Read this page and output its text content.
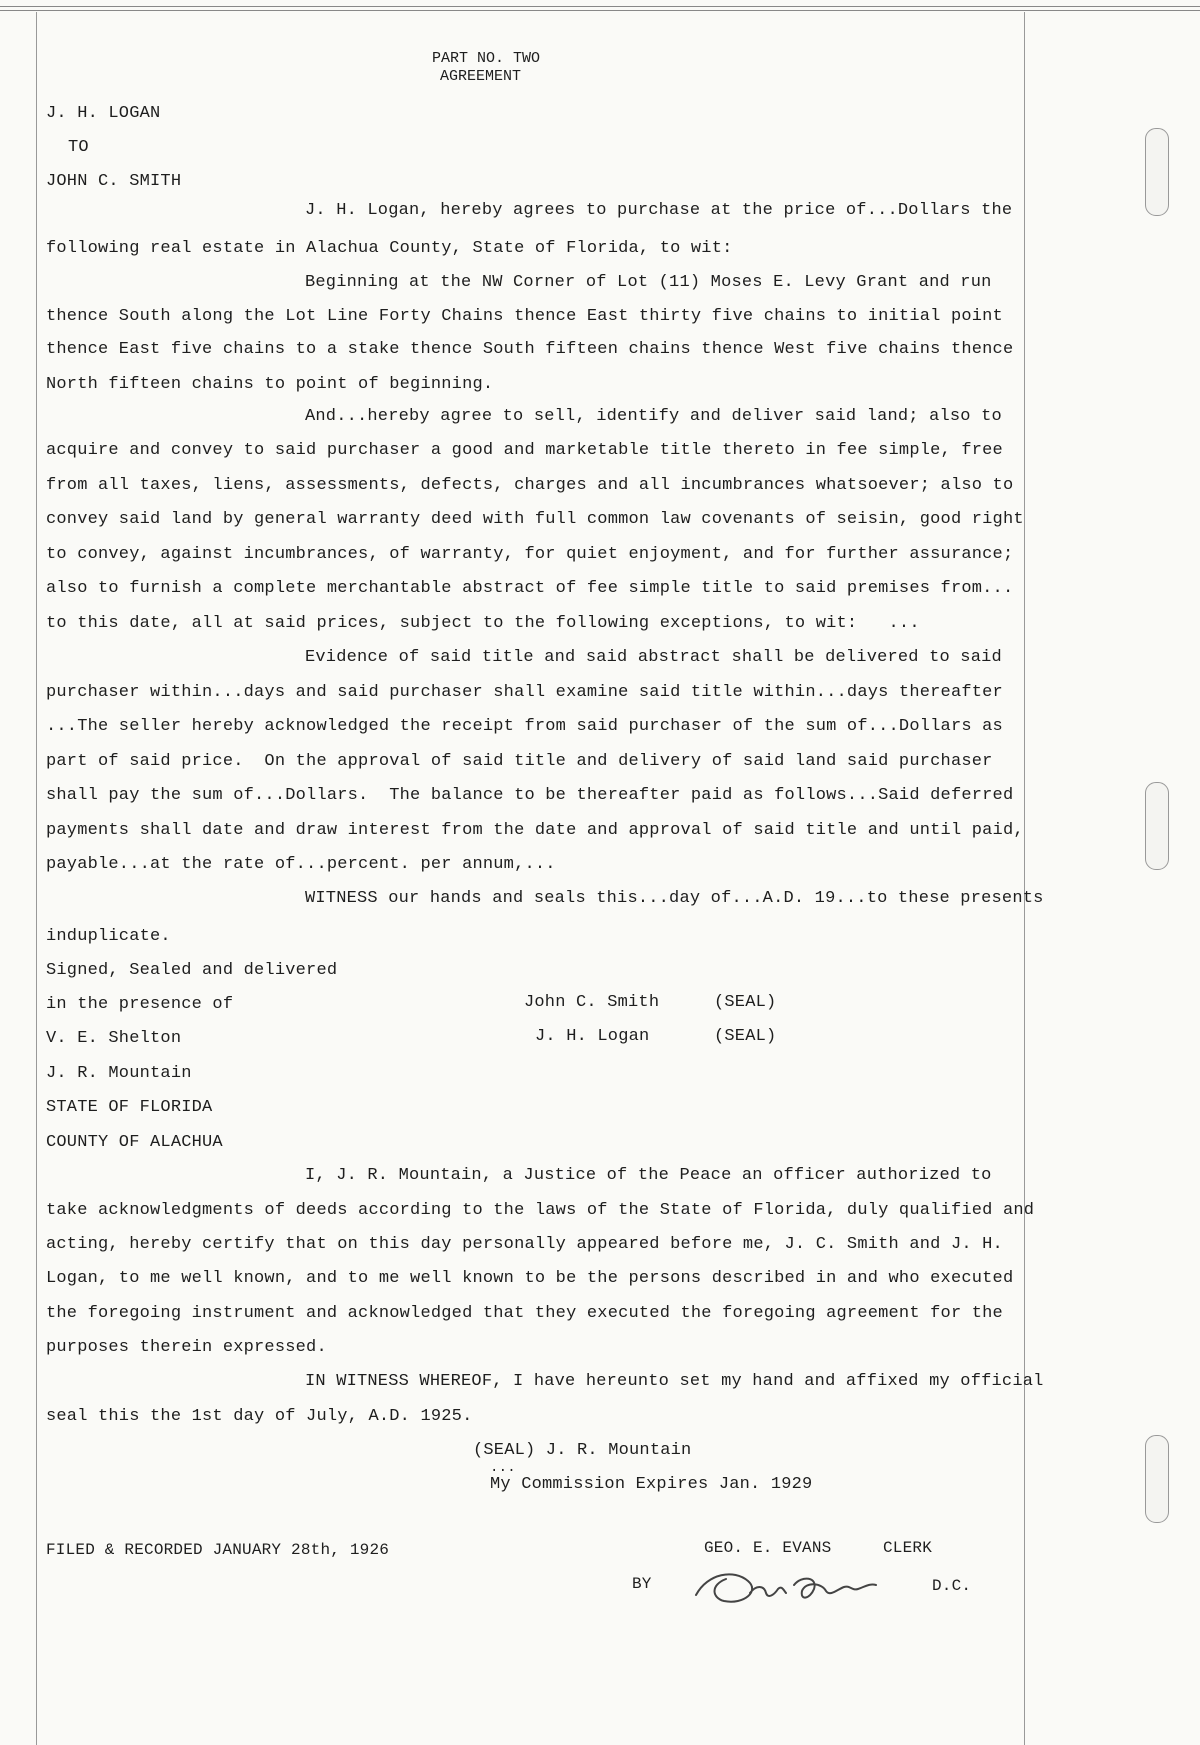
PART NO. TWO
AGREEMENT
J. H. LOGAN
TO
JOHN C. SMITH
J. H. Logan, hereby agrees to purchase at the price of...Dollars the
following real estate in Alachua County, State of Florida, to wit:
Beginning at the NW Corner of Lot (11) Moses E. Levy Grant and run
thence South along the Lot Line Forty Chains thence East thirty five chains to initial point
thence East five chains to a stake thence South fifteen chains thence West five chains thence
North fifteen chains to point of beginning.
And...hereby agree to sell, identify and deliver said land; also to
acquire and convey to said purchaser a good and marketable title thereto in fee simple, free
from all taxes, liens, assessments, defects, charges and all incumbrances whatsoever; also to
convey said land by general warranty deed with full common law covenants of seisin, good right
to convey, against incumbrances, of warranty, for quiet enjoyment, and for further assurance;
also to furnish a complete merchantable abstract of fee simple title to said premises from...
to this date, all at said prices, subject to the following exceptions, to wit:   ...
Evidence of said title and said abstract shall be delivered to said
purchaser within...days and said purchaser shall examine said title within...days thereafter
...The seller hereby acknowledged the receipt from said purchaser of the sum of...Dollars as
part of said price.  On the approval of said title and delivery of said land said purchaser
shall pay the sum of...Dollars.  The balance to be thereafter paid as follows...Said deferred
payments shall date and draw interest from the date and approval of said title and until paid,
payable...at the rate of...percent. per annum,...
WITNESS our hands and seals this...day of...A.D. 19...to these presents
induplicate.
Signed, Sealed and delivered
in the presence of	John C. Smith	(SEAL)
V. E. Shelton	J. H. Logan	(SEAL)
J. R. Mountain
STATE OF FLORIDA
COUNTY OF ALACHUA
I, J. R. Mountain, a Justice of the Peace an officer authorized to
take acknowledgments of deeds according to the laws of the State of Florida, duly qualified and
acting, hereby certify that on this day personally appeared before me, J. C. Smith and J. H.
Logan, to me well known, and to me well known to be the persons described in and who executed
the foregoing instrument and acknowledged that they executed the foregoing agreement for the
purposes therein expressed.
IN WITNESS WHEREOF, I have hereunto set my hand and affixed my official
seal this the 1st day of July, A.D. 1925.
(SEAL) J. R. Mountain
...
My Commission Expires Jan. 1929
FILED & RECORDED JANUARY 28th, 1926	GEO. E. EVANS	CLERK
BY	D.C.
